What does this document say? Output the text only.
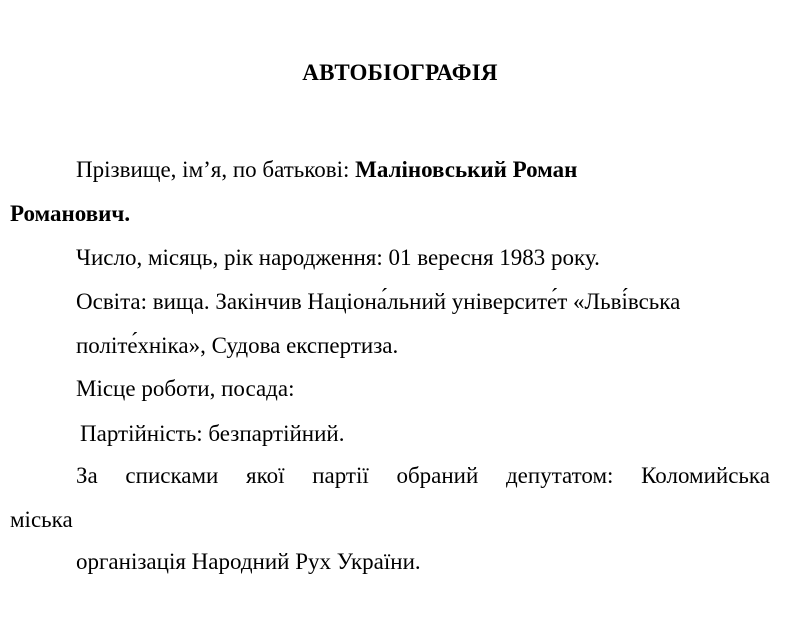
АВТОБІОГРАФІЯ
Прізвище, ім’я, по батькові: Маліновський Роман
Романович.
Число, місяць, рік народження: 01 вересня 1983 року.
Освіта: вища. Закінчив Націона́льний університе́т «Льві́вська
політе́хніка», Судова експертиза.
Місце роботи, посада:
Партійність: безпартійний.
За списками якої партії обраний депутатом: Коломийська
міська
організація Народний Рух України.
